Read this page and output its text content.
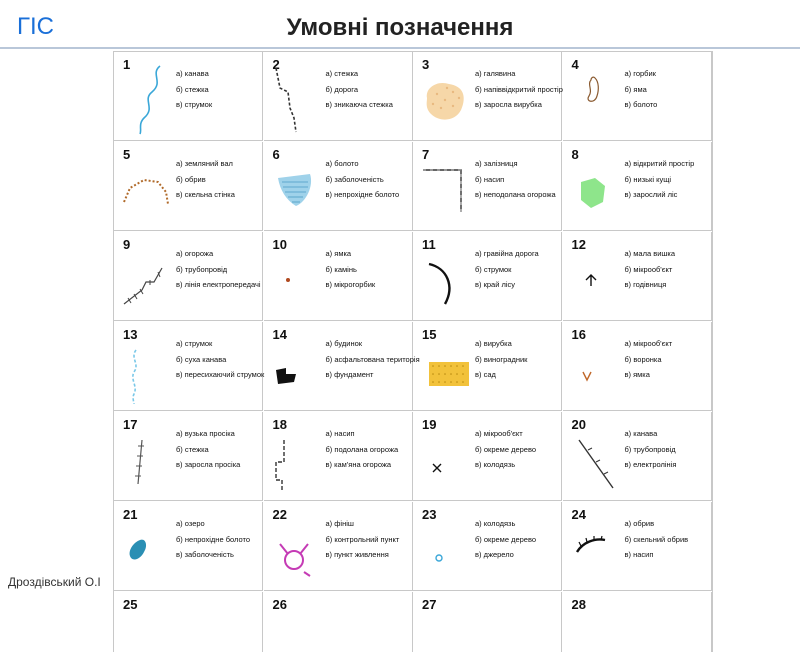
ГІС	Умовні позначення
1
а) канава
б) стежка
в) струмок
2
а) стежка
б) дорога
в) зникаюча стежка
3
а) галявина
б) напіввідкритий простір
в) заросла вирубка
4
а) горбик
б) яма
в) болото
5
а) земляний вал
б) обрив
в) скельна стінка
6
а) болото
б) заболоченість
в) непрохідне болото
7
а) залізниця
б) насип
в) неподолана огорожа
8
а) відкритий простір
б) низькі кущі
в) зарослий ліс
9
а) огорожа
б) трубопровід
в) лінія електропередачі
10
а) ямка
б) камінь
в) мікрогорбик
11
а) гравійна дорога
б) струмок
в) край лісу
12
а) мала вишка
б) мікрооб'єкт
в) годівниця
13
а) струмок
б) суха канава
в) пересихаючий струмок
14
а) будинок
б) асфальтована територія
в) фундамент
15
а) вирубка
б) виноградник
в) сад
16
а) мікрооб'єкт
б) воронка
в) ямка
17
а) вузька просіка
б) стежка
в) заросла просіка
18
а) насип
б) подолана огорожа
в) кам'яна огорожа
19
а) мікрооб'єкт
б) окреме дерево
в) колодязь
20
а) канава
б) трубопровід
в) електролінія
21
а) озеро
б) непрохідне болото
в) заболоченість
22
а) фініш
б) контрольний пункт
в) пункт живлення
23
а) колодязь
б) окреме дерево
в) джерело
24
а) обрив
б) скельний обрив
в) насип
25	26	27	28
Дроздівський О.І
